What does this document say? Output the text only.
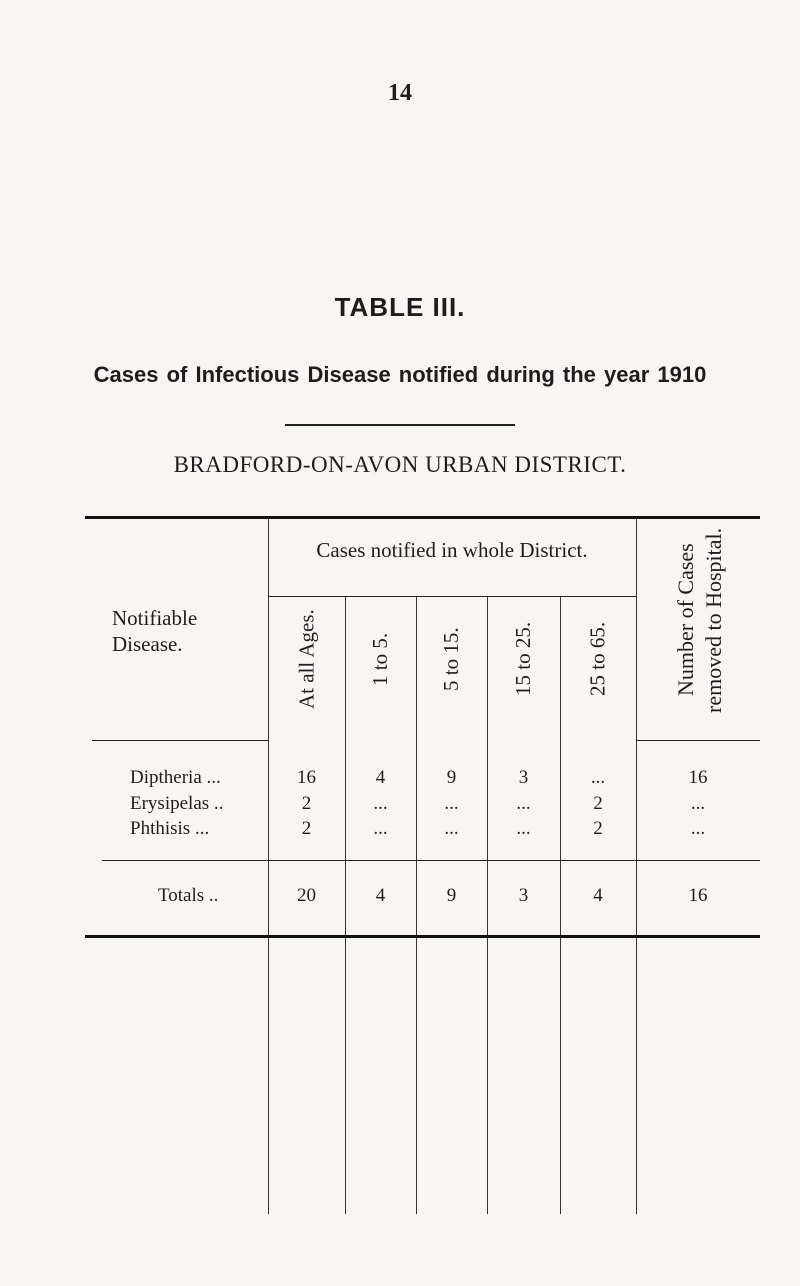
14
TABLE III.
Cases of Infectious Disease notified during the year 1910
BRADFORD-ON-AVON URBAN DISTRICT.
Cases notified in whole District.
Notifiable Disease.	At all Ages.	1 to 5.	5 to 15.	15 to 25.	25 to 65.	Number of Cases removed to Hospital.
Diptheria ...	16	4	9	3	...	16
Erysipelas ..	2	...	...	...	2	...
Phthisis ...	2	...	...	...	2	...
Totals ..	20	4	9	3	4	16
